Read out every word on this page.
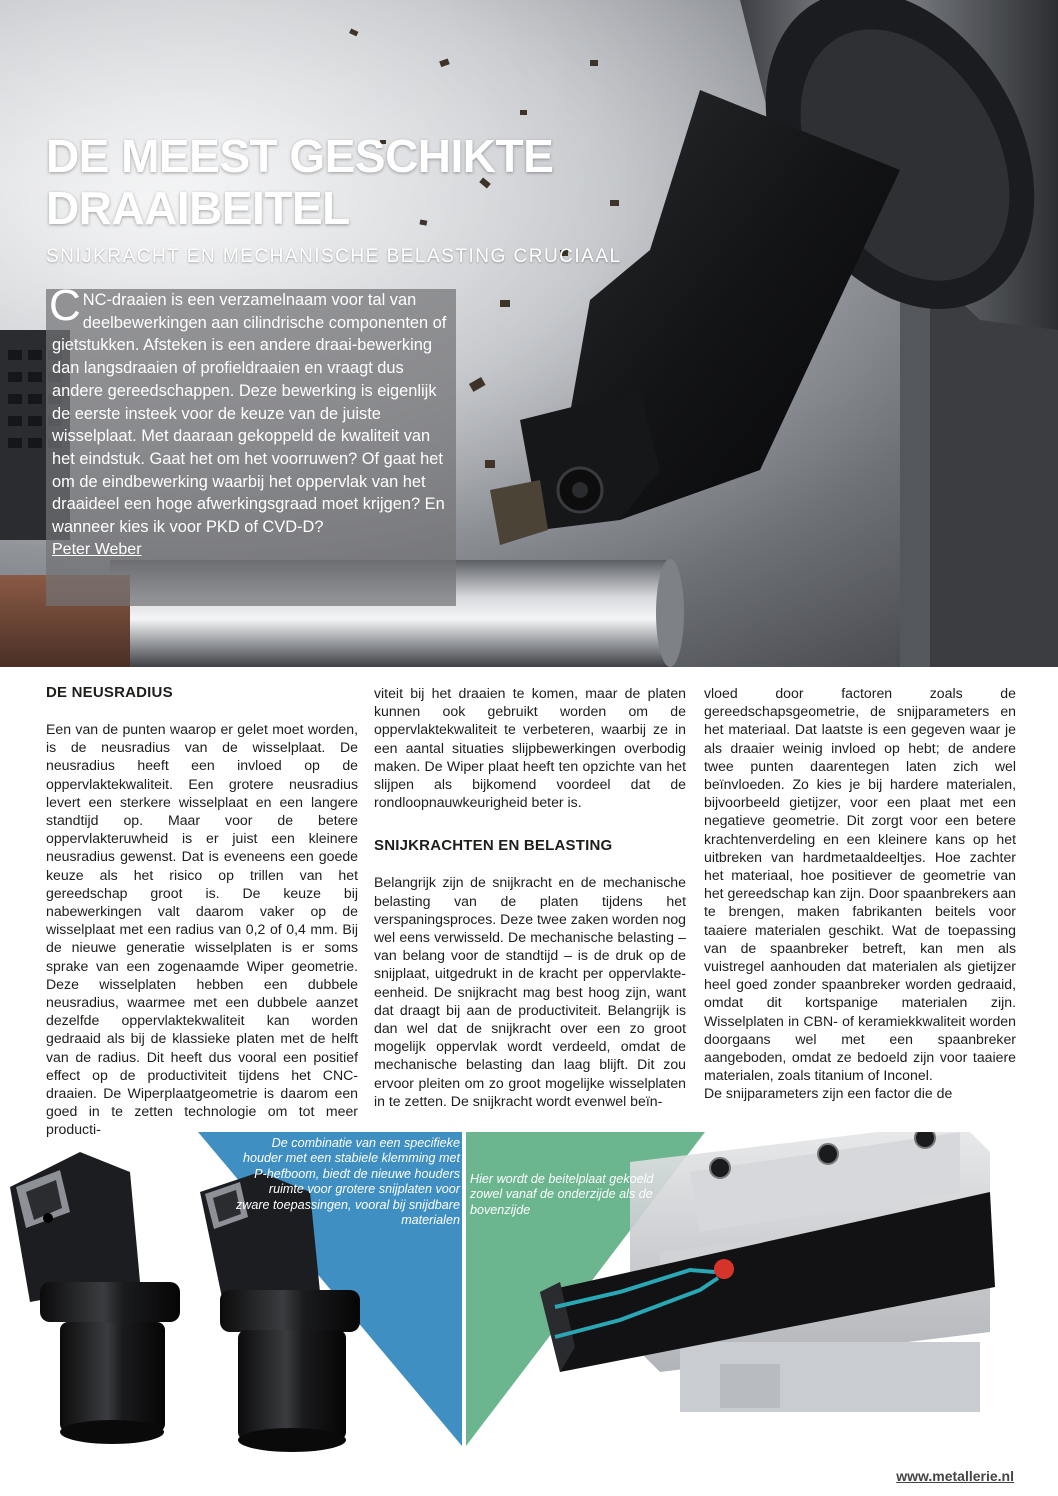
DE MEEST GESCHIKTE
DRAAIBEITEL

SNIJKRACHT EN MECHANISCHE BELASTING CRUCIAAL

CNC-draaien is een verzamelnaam voor tal van deelbewerkingen aan cilindrische componenten of gietstukken. Afsteken is een andere draai-bewerking dan langsdraaien of profieldraaien en vraagt dus andere gereedschappen. Deze bewerking is eigenlijk de eerste insteek voor de keuze van de juiste wisselplaat. Met daaraan gekoppeld de kwaliteit van het eindstuk. Gaat het om het voorruwen? Of gaat het om de eindbewerking waarbij het oppervlak van het draaideel een hoge afwerkingsgraad moet krijgen? En wanneer kies ik voor PKD of CVD-D?

Peter Weber
DE NEUSRADIUS

Een van de punten waarop er gelet moet worden, is de neusradius van de wisselplaat. De neusradius heeft een invloed op de oppervlaktekwaliteit. Een grotere neusradius levert een sterkere wisselplaat en een langere standtijd op. Maar voor de betere oppervlakteruwheid is er juist een kleinere neusradius gewenst. Dat is eveneens een goede keuze als het risico op trillen van het gereedschap groot is. De keuze bij nabewerkingen valt daarom vaker op de wisselplaat met een radius van 0,2 of 0,4 mm. Bij de nieuwe generatie wisselplaten is er soms sprake van een zogenaamde Wiper geometrie. Deze wisselplaten hebben een dubbele neusradius, waarmee met een dubbele aanzet dezelfde oppervlaktekwaliteit kan worden gedraaid als bij de klassieke platen met de helft van de radius. Dit heeft dus vooral een positief effect op de productiviteit tijdens het CNC-draaien. De Wiperplaatgeometrie is daarom een goed in te zetten technologie om tot meer producti-

viteit bij het draaien te komen, maar de platen kunnen ook gebruikt worden om de oppervlaktekwaliteit te verbeteren, waarbij ze in een aantal situaties slijpbewerkingen overbodig maken. De Wiper plaat heeft ten opzichte van het slijpen als bijkomend voordeel dat de rondloopnauwkeurigheid beter is.

SNIJKRACHTEN EN BELASTING

Belangrijk zijn de snijkracht en de mechanische belasting van de platen tijdens het verspaningsproces. Deze twee zaken worden nog wel eens verwisseld. De mechanische belasting – van belang voor de standtijd – is de druk op de snijplaat, uitgedrukt in de kracht per oppervlakte-eenheid. De snijkracht mag best hoog zijn, want dat draagt bij aan de productiviteit. Belangrijk is dan wel dat de snijkracht over een zo groot mogelijk oppervlak wordt verdeeld, omdat de mechanische belasting dan laag blijft. Dit zou ervoor pleiten om zo groot mogelijke wisselplaten in te zetten. De snijkracht wordt evenwel beïn-

vloed door factoren zoals de gereedschapsgeometrie, de snijparameters en het materiaal. Dat laatste is een gegeven waar je als draaier weinig invloed op hebt; de andere twee punten daarentegen laten zich wel beïnvloeden. Zo kies je bij hardere materialen, bijvoorbeeld gietijzer, voor een plaat met een negatieve geometrie. Dit zorgt voor een betere krachtenverdeling en een kleinere kans op het uitbreken van hardmetaaldeeltjes. Hoe zachter het materiaal, hoe positiever de geometrie van het gereedschap kan zijn. Door spaanbrekers aan te brengen, maken fabrikanten beitels voor taaiere materialen geschikt. Wat de toepassing van de spaanbreker betreft, kan men als vuistregel aanhouden dat materialen als gietijzer heel goed zonder spaanbreker worden gedraaid, omdat dit kortspanige materialen zijn. Wisselplaten in CBN- of keramiekkwaliteit worden doorgaans wel met een spaanbreker aangeboden, omdat ze bedoeld zijn voor taaiere materialen, zoals titanium of Inconel.

De snijparameters zijn een factor die de

De combinatie van een specifieke houder met een stabiele klemming met P-hefboom, biedt de nieuwe houders ruimte voor grotere snijplaten voor zware toepassingen, vooral bij snijdbare materialen

Hier wordt de beitelplaat gekoeld zowel vanaf de onderzijde als de bovenzijde

www.metallerie.nl
